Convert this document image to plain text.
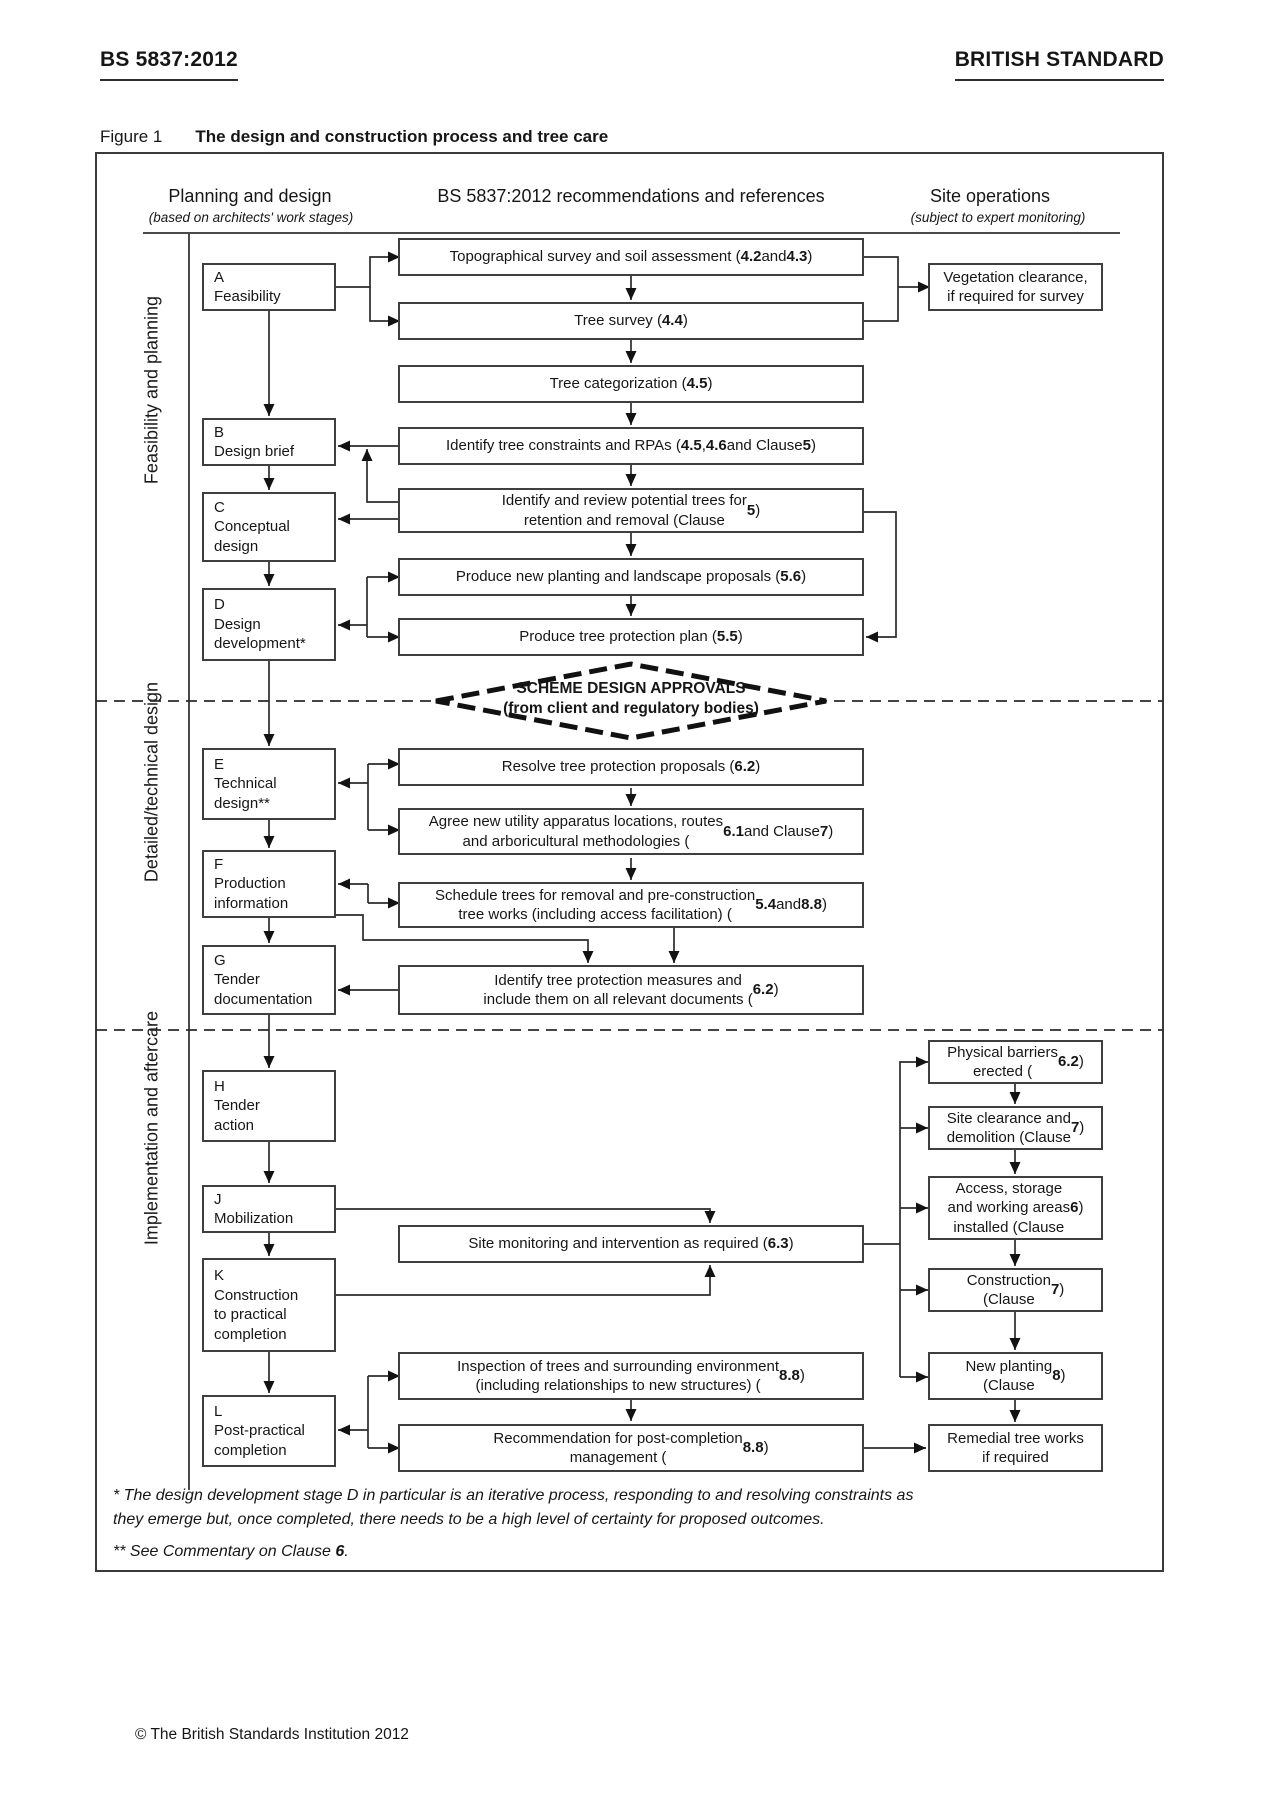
BS 5837:2012	BRITISH STANDARD
Figure 1 The design and construction process and tree care
Planning and design
(based on architects' work stages)
BS 5837:2012 recommendations and references	Site operations
(subject to expert monitoring)
Feasibility and planning
Detailed/technical design
Implementation and aftercare
SCHEME DESIGN APPROVALS
(from client and regulatory bodies)
A
Feasibility
B
Design brief
C
Conceptual
design
D
Design
development*
E
Technical
design**
F
Production
information
G
Tender
documentation
H
Tender
action
J
Mobilization
K
Construction
to practical
completion
L
Post-practical
completion
Topographical survey and soil assessment ( 4.2 and 4.3 )
Tree survey ( 4.4 )
Tree categorization ( 4.5 )
Identify tree constraints and RPAs ( 4.5 , 4.6 and Clause 5 )
Identify and review potential trees for
retention and removal (Clause
5 )
Produce new planting and landscape proposals ( 5.6 )
Produce tree protection plan ( 5.5 )
Resolve tree protection proposals ( 6.2 )
Agree new utility apparatus locations, routes
and arboricultural methodologies (
6.1 and Clause 7 )
Schedule trees for removal and pre-construction
tree works (including access facilitation) (
5.4 and 8.8 )
Identify tree protection measures and
include them on all relevant documents (
6.2 )
Site monitoring and intervention as required ( 6.3 )
Inspection of trees and surrounding environment
(including relationships to new structures) (
8.8 )
Recommendation for post-completion
management (
8.8 )
Vegetation clearance,
if required for survey
Physical barriers
erected (
6.2 )
Site clearance and
demolition (Clause
7 )
Access, storage
and working areas
installed (Clause
6 )
Construction
(Clause
7 )
New planting
(Clause
8 )
Remedial tree works
if required
* The design development stage D in particular is an iterative process, responding to and resolving constraints as
they emerge but, once completed, there needs to be a high level of certainty for proposed outcomes.
** See Commentary on Clause 6.
© The British Standards Institution 2012
